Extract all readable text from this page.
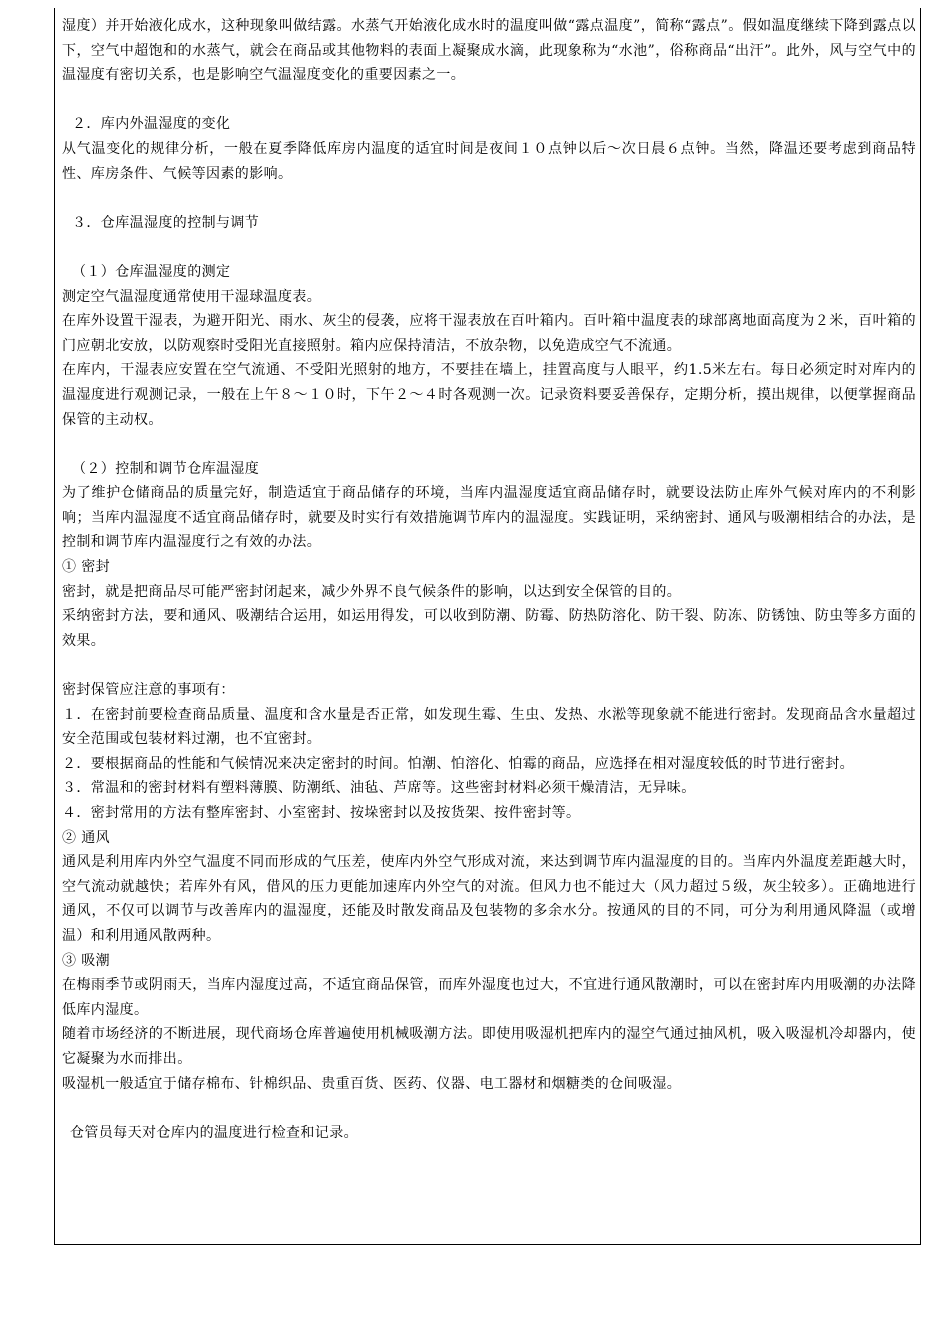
湿度）并开始液化成水，这种现象叫做结露。水蒸气开始液化成水时的温度叫做“露点温度”，简称“露点”。假如温度继续下降到露点以下，空气中超饱和的水蒸气，就会在商品或其他物料的表面上凝聚成水滴，此现象称为“水池”，俗称商品“出汗”。此外，风与空气中的温湿度有密切关系，也是影响空气温湿度变化的重要因素之一。

２．库内外温湿度的变化

从气温变化的规律分析，一般在夏季降低库房内温度的适宜时间是夜间１０点钟以后～次日晨６点钟。当然，降温还要考虑到商品特性、库房条件、气候等因素的影响。

３．仓库温湿度的控制与调节

（１）仓库温湿度的测定

测定空气温湿度通常使用干湿球温度表。

在库外设置干湿表，为避开阳光、雨水、灰尘的侵袭，应将干湿表放在百叶箱内。百叶箱中温度表的球部离地面高度为２米，百叶箱的门应朝北安放，以防观察时受阳光直接照射。箱内应保持清洁，不放杂物，以免造成空气不流通。

在库内，干湿表应安置在空气流通、不受阳光照射的地方，不要挂在墙上，挂置高度与人眼平，约1.5米左右。每日必须定时对库内的温湿度进行观测记录，一般在上午８～１０时，下午２～４时各观测一次。记录资料要妥善保存，定期分析，摸出规律，以便掌握商品保管的主动权。

（２）控制和调节仓库温湿度

为了维护仓储商品的质量完好，制造适宜于商品储存的环境，当库内温湿度适宜商品储存时，就要设法防止库外气候对库内的不利影响；当库内温湿度不适宜商品储存时，就要及时实行有效措施调节库内的温湿度。实践证明，采纳密封、通风与吸潮相结合的办法，是控制和调节库内温湿度行之有效的办法。

① 密封

密封，就是把商品尽可能严密封闭起来，减少外界不良气候条件的影响，以达到安全保管的目的。

采纳密封方法，要和通风、吸潮结合运用，如运用得发，可以收到防潮、防霉、防热防溶化、防干裂、防冻、防锈蚀、防虫等多方面的效果。

密封保管应注意的事项有：

１．在密封前要检查商品质量、温度和含水量是否正常，如发现生霉、生虫、发热、水淞等现象就不能进行密封。发现商品含水量超过安全范围或包装材料过潮，也不宜密封。

２．要根据商品的性能和气候情况来决定密封的时间。怕潮、怕溶化、怕霉的商品，应选择在相对湿度较低的时节进行密封。

３．常温和的密封材料有塑料薄膜、防潮纸、油毡、芦席等。这些密封材料必须干燥清洁，无异味。

４．密封常用的方法有整库密封、小室密封、按垛密封以及按货架、按件密封等。

② 通风

通风是利用库内外空气温度不同而形成的气压差，使库内外空气形成对流，来达到调节库内温湿度的目的。当库内外温度差距越大时，空气流动就越快；若库外有风，借风的压力更能加速库内外空气的对流。但风力也不能过大（风力超过５级，灰尘较多）。正确地进行通风，不仅可以调节与改善库内的温湿度，还能及时散发商品及包装物的多余水分。按通风的目的不同，可分为利用通风降温（或增温）和利用通风散两种。

③ 吸潮

在梅雨季节或阴雨天，当库内湿度过高，不适宜商品保管，而库外湿度也过大，不宜进行通风散潮时，可以在密封库内用吸潮的办法降低库内湿度。

随着市场经济的不断进展，现代商场仓库普遍使用机械吸潮方法。即使用吸湿机把库内的湿空气通过抽风机，吸入吸湿机冷却器内，使它凝聚为水而排出。

吸湿机一般适宜于储存棉布、针棉织品、贵重百货、医药、仪器、电工器材和烟糖类的仓间吸湿。

仓管员每天对仓库内的温度进行检查和记录。
